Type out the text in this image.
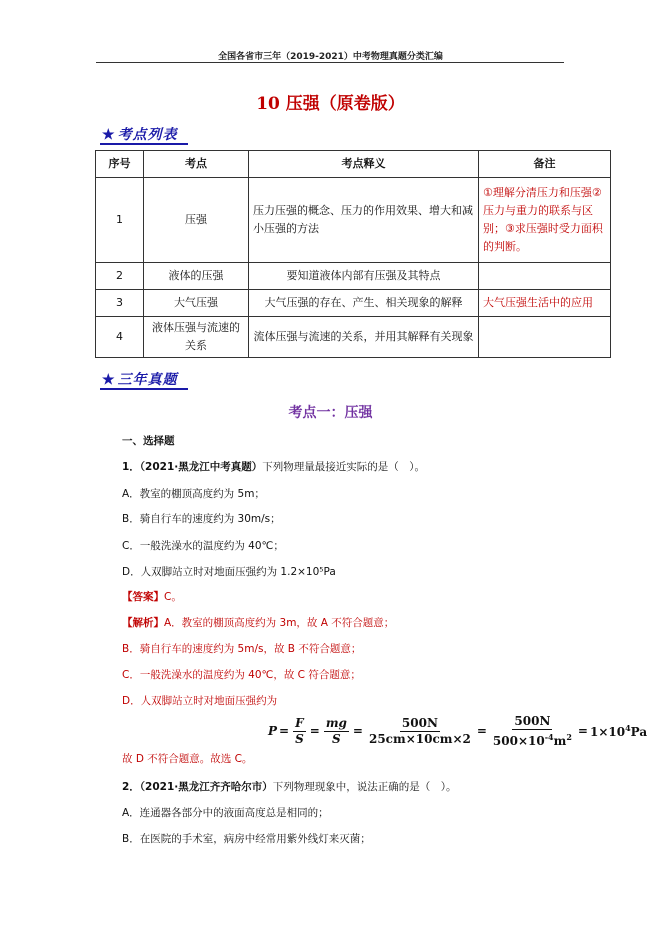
全国各省市三年（2019-2021）中考物理真题分类汇编
10 压强（原卷版）
★ 考点列表
序号	考点	考点释义	备注
1	压强	压力压强的概念、压力的作用效果、增大和减小压强的方法	①理解分清压力和压强②压力与重力的联系与区别；③求压强时受力面积的判断。
2	液体的压强	要知道液体内部有压强及其特点	
3	大气压强	大气压强的存在、产生、相关现象的解释	大气压强生活中的应用
4	液体压强与流速的关系	流体压强与流速的关系，并用其解释有关现象	
★ 三年真题
考点一：压强
一、选择题
1．（2021·黑龙江中考真题）下列物理量最接近实际的是（　）。
A．教室的棚顶高度约为 5m；
B．骑自行车的速度约为 30m/s；
C．一般洗澡水的温度约为 40℃；
D．人双脚站立时对地面压强约为 1.2×10⁵Pa
【答案】C。
【解析】A．教室的棚顶高度约为 3m，故 A 不符合题意；
B．骑自行车的速度约为 5m/s，故 B 不符合题意；
C．一般洗澡水的温度约为 40℃，故 C 符合题意；
D．人双脚站立时对地面压强约为
$P = \frac{F}{S} = \frac{mg}{S} = \frac{500N}{25cm\times 10cm\times 2} = \frac{500N}{500\times 10^{-4}m^2} = 1\times 10^4Pa$
故 D 不符合题意。故选 C。
2．（2021·黑龙江齐齐哈尔市）下列物理现象中，说法正确的是（　）。
A．连通器各部分中的液面高度总是相同的；
B．在医院的手术室，病房中经常用紫外线灯来灭菌；
